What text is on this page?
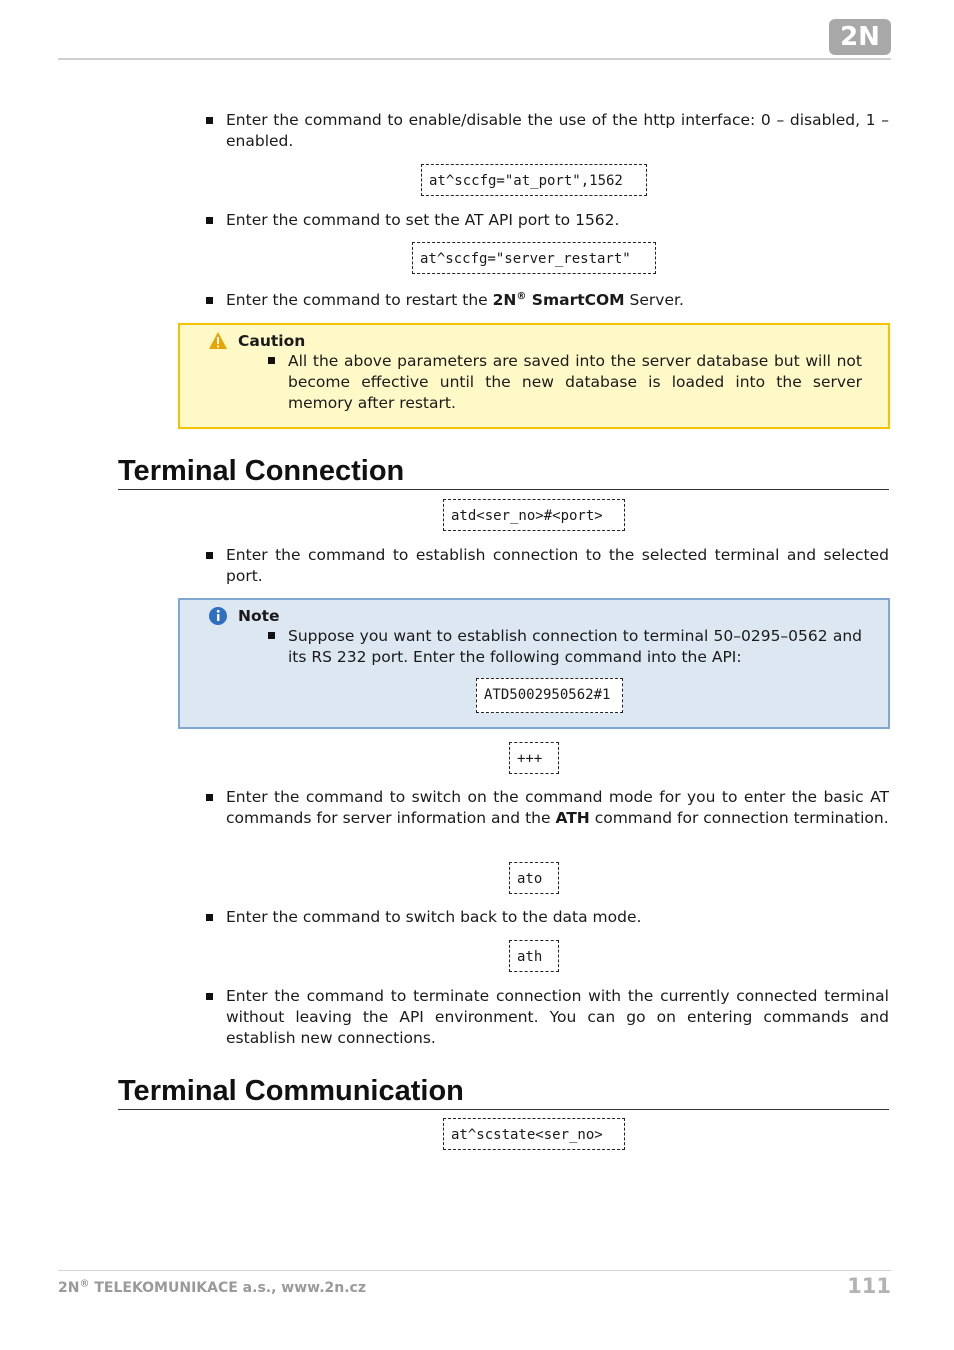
2N
Enter the command to enable/disable the use of the http interface: 0 – disabled, 1 – enabled.
at^sccfg="at_port",1562
Enter the command to set the AT API port to 1562.
at^sccfg="server_restart"
Enter the command to restart the 2N® SmartCOM Server.
Caution
All the above parameters are saved into the server database but will not become effective until the new database is loaded into the server memory after restart.
Terminal Connection
atd<ser_no>#<port>
Enter the command to establish connection to the selected terminal and selected port.
Note
Suppose you want to establish connection to terminal 50–0295–0562 and its RS 232 port. Enter the following command into the API:
ATD5002950562#1
+++
Enter the command to switch on the command mode for you to enter the basic AT commands for server information and the ATH command for connection termination.
ato
Enter the command to switch back to the data mode.
ath
Enter the command to terminate connection with the currently connected terminal without leaving the API environment. You can go on entering commands and establish new connections.
Terminal Communication
at^scstate<ser_no>
2N® TELEKOMUNIKACE a.s., www.2n.cz	111
